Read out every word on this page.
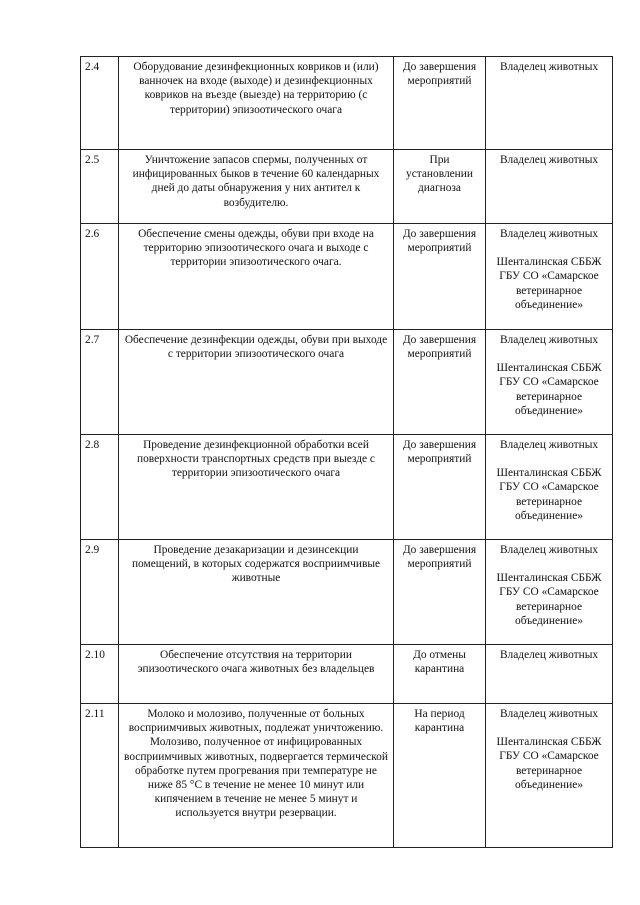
2.4	Оборудование дезинфекционных ковриков и (или) ванночек на входе (выходе) и дезинфекционных ковриков на въезде (выезде) на территорию (с территории) эпизоотического очага	До завершения мероприятий	Владелец животных

2.5	Уничтожение запасов спермы, полученных от инфицированных быков в течение 60 календарных дней до даты обнаружения у них антител к возбудителю.	При установлении диагноза	Владелец животных

2.6	Обеспечение смены одежды, обуви при входе на территорию эпизоотического очага и выходе с территории эпизоотического очага.	До завершения мероприятий	Владелец животных
Шенталинская СББЖ ГБУ СО «Самарское ветеринарное объединение»

2.7	Обеспечение дезинфекции одежды, обуви при выходе с территории эпизоотического очага	До завершения мероприятий	Владелец животных
Шенталинская СББЖ ГБУ СО «Самарское ветеринарное объединение»

2.8	Проведение дезинфекционной обработки всей поверхности транспортных средств при выезде с территории эпизоотического очага	До завершения мероприятий	Владелец животных
Шенталинская СББЖ ГБУ СО «Самарское ветеринарное объединение»

2.9	Проведение дезакаризации и дезинсекции помещений, в которых содержатся восприимчивые животные	До завершения мероприятий	Владелец животных
Шенталинская СББЖ ГБУ СО «Самарское ветеринарное объединение»

2.10	Обеспечение отсутствия на территории эпизоотического очага животных без владельцев	До отмены карантина	Владелец животных

2.11	Молоко и молозиво, полученные от больных восприимчивых животных, подлежат уничтожению. Молозиво, полученное от инфицированных восприимчивых животных, подвергается термической обработке путем прогревания при температуре не ниже 85 °С в течение не менее 10 минут или кипячением в течение не менее 5 минут и используется внутри резервации.	На период карантина	Владелец животных
Шенталинская СББЖ ГБУ СО «Самарское ветеринарное объединение»
